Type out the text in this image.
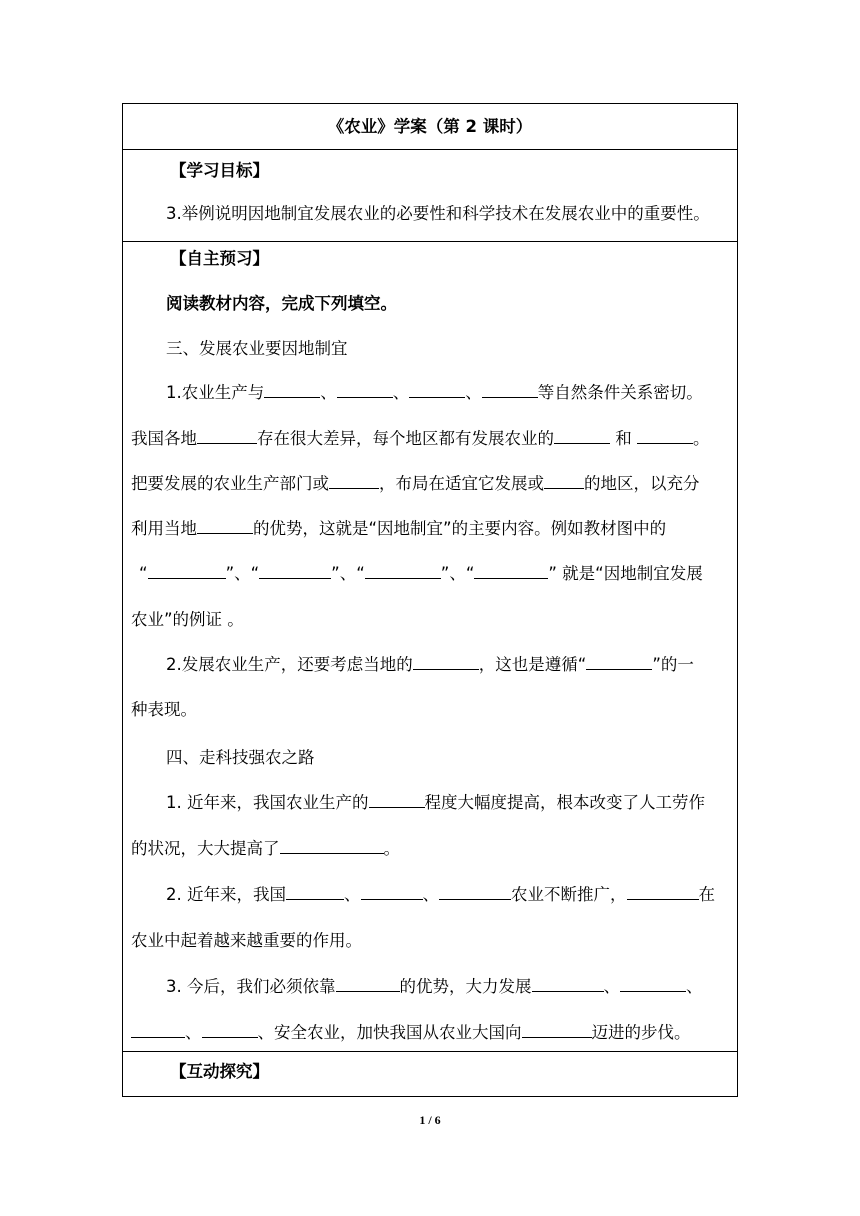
《农业》学案（第 2 课时）
【学习目标】
3.举例说明因地制宜发展农业的必要性和科学技术在发展农业中的重要性。
【自主预习】
阅读教材内容，完成下列填空。
三、发展农业要因地制宜
1.农业生产与	、	、	、	等自然条件关系密切。
我国各地	存在很大差异，每个地区都有发展农业的	和	。
把要发展的农业生产部门或	，布局在适宜它发展或 的地区，以充分
利用当地	的优势，这就是“因地制宜”的主要内容。例如教材图中的
“	”、“	”、“	”、“	” 就是“因地制宜发展
农业”的例证 。
2.发展农业生产，还要考虑当地的	，这也是遵循“	”的一
种表现。
四、走科技强农之路
1. 近年来，我国农业生产的	程度大幅度提高，根本改变了人工劳作
的状况，大大提高了	。
2. 近年来，我国	、	、	农业不断推广，	在
农业中起着越来越重要的作用。
3. 今后，我们必须依靠	的优势，大力发展	、	、
、	、安全农业，加快我国从农业大国向	迈进的步伐。
【互动探究】
1 / 6
